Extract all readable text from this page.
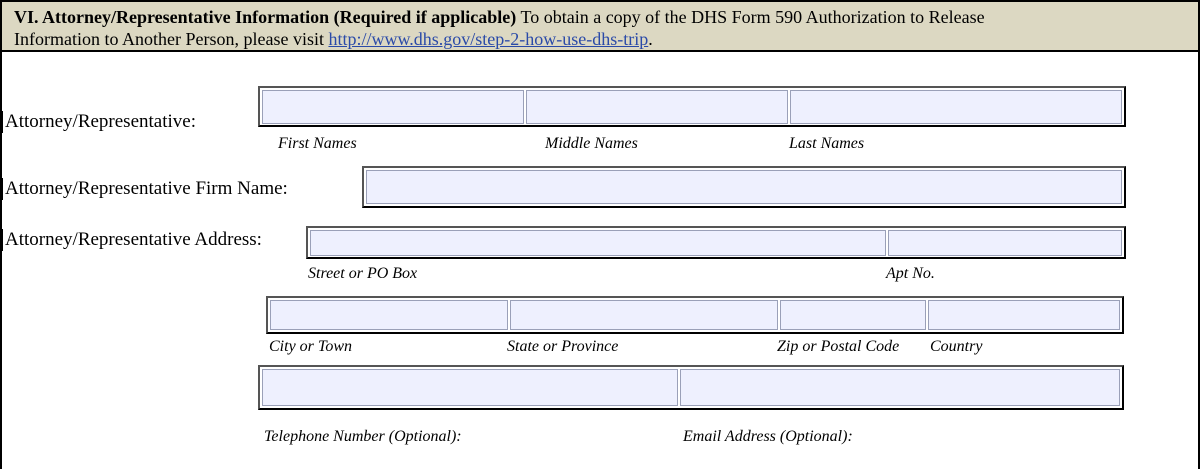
VI. Attorney/Representative Information (Required if applicable) To obtain a copy of the DHS Form 590 Authorization to Release
Information to Another Person, please visit http://www.dhs.gov/step-2-how-use-dhs-trip.
Attorney/Representative:
First Names	Middle Names	Last Names
Attorney/Representative Firm Name:
Attorney/Representative Address:
Street or PO Box	Apt No.
City or Town	State or Province	Zip or Postal Code Country
Telephone Number (Optional):	Email Address (Optional):
